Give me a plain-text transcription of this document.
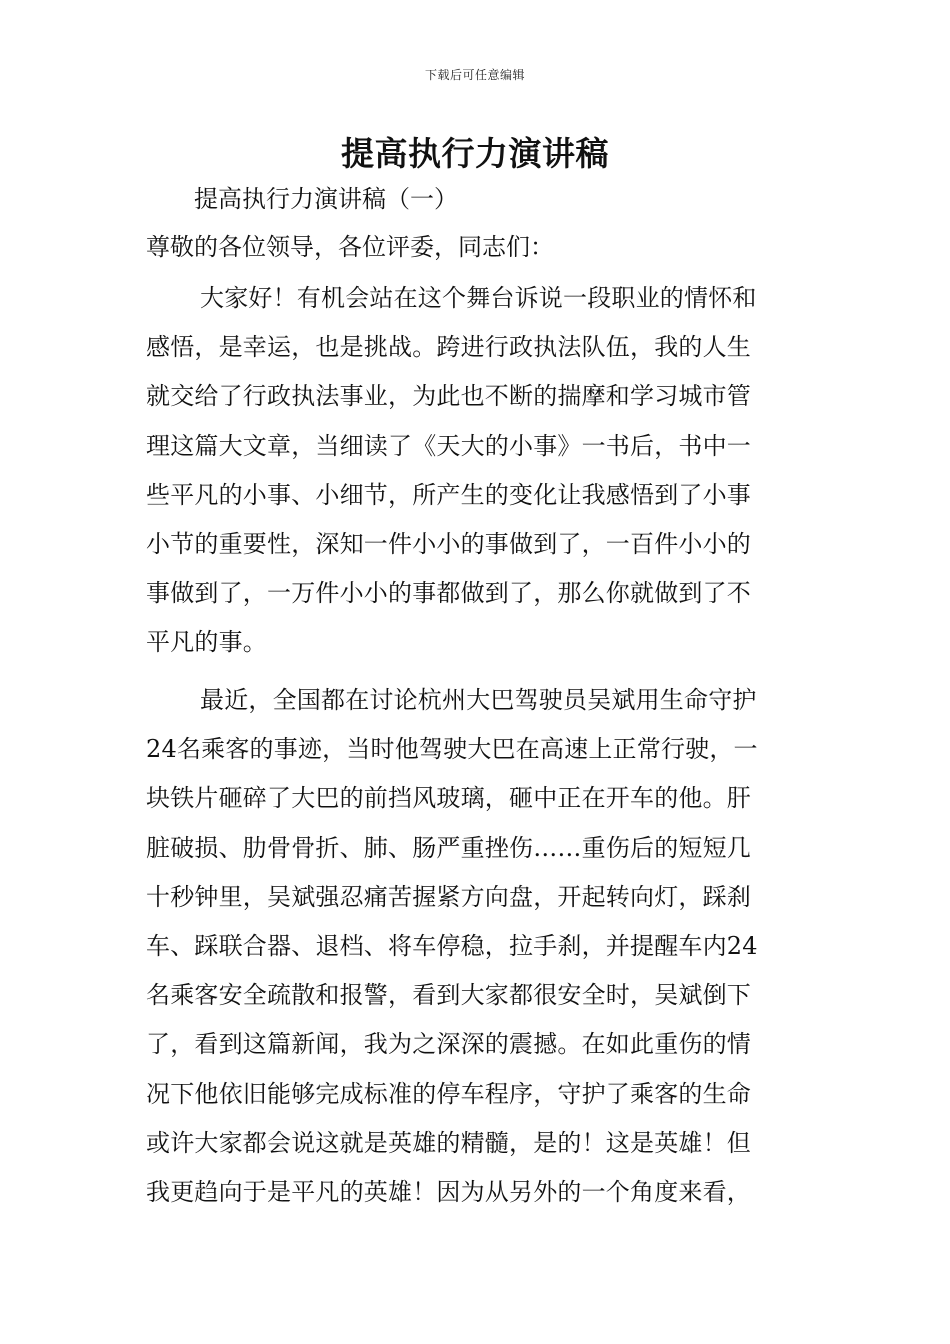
下载后可任意编辑
提高执行力演讲稿
提高执行力演讲稿（一）
尊敬的各位领导，各位评委，同志们：
大家好！有机会站在这个舞台诉说一段职业的情怀和
感悟，是幸运，也是挑战。跨进行政执法队伍，我的人生
就交给了行政执法事业，为此也不断的揣摩和学习城市管
理这篇大文章，当细读了《天大的小事》一书后，书中一
些平凡的小事、小细节，所产生的变化让我感悟到了小事
小节的重要性，深知一件小小的事做到了，一百件小小的
事做到了，一万件小小的事都做到了，那么你就做到了不
平凡的事。
最近，全国都在讨论杭州大巴驾驶员吴斌用生命守护
24名乘客的事迹，当时他驾驶大巴在高速上正常行驶，一
块铁片砸碎了大巴的前挡风玻璃，砸中正在开车的他。肝
脏破损、肋骨骨折、肺、肠严重挫伤……重伤后的短短几
十秒钟里，吴斌强忍痛苦握紧方向盘，开起转向灯，踩刹
车、踩联合器、退档、将车停稳，拉手刹，并提醒车内24
名乘客安全疏散和报警，看到大家都很安全时，吴斌倒下
了，看到这篇新闻，我为之深深的震撼。在如此重伤的情
况下他依旧能够完成标准的停车程序，守护了乘客的生命
或许大家都会说这就是英雄的精髓，是的！这是英雄！但
我更趋向于是平凡的英雄！因为从另外的一个角度来看，
